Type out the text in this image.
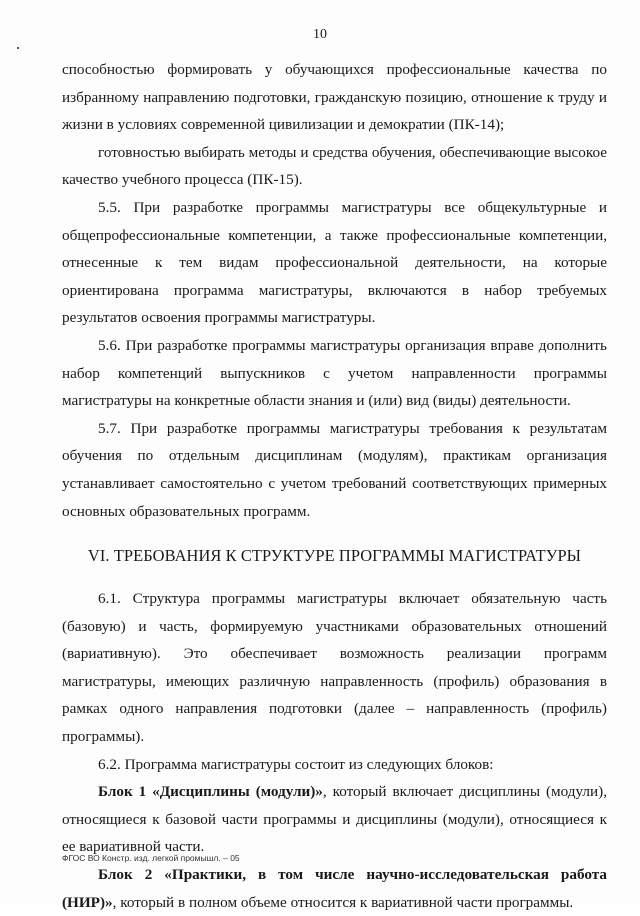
10

способностью формировать у обучающихся профессиональные качества по избранному направлению подготовки, гражданскую позицию, отношение к труду и жизни в условиях современной цивилизации и демократии (ПК-14);

готовностью выбирать методы и средства обучения, обеспечивающие высокое качество учебного процесса (ПК-15).

5.5. При разработке программы магистратуры все общекультурные и общепрофессиональные компетенции, а также профессиональные компетенции, отнесенные к тем видам профессиональной деятельности, на которые ориентирована программа магистратуры, включаются в набор требуемых результатов освоения программы магистратуры.

5.6. При разработке программы магистратуры организация вправе дополнить набор компетенций выпускников с учетом направленности программы магистратуры на конкретные области знания и (или) вид (виды) деятельности.

5.7. При разработке программы магистратуры требования к результатам обучения по отдельным дисциплинам (модулям), практикам организация устанавливает самостоятельно с учетом требований соответствующих примерных основных образовательных программ.

VI. ТРЕБОВАНИЯ К СТРУКТУРЕ ПРОГРАММЫ МАГИСТРАТУРЫ

6.1. Структура программы магистратуры включает обязательную часть (базовую) и часть, формируемую участниками образовательных отношений (вариативную). Это обеспечивает возможность реализации программ магистратуры, имеющих различную направленность (профиль) образования в рамках одного направления подготовки (далее – направленность (профиль) программы).

6.2. Программа магистратуры состоит из следующих блоков:

Блок 1 «Дисциплины (модули)», который включает дисциплины (модули), относящиеся к базовой части программы и дисциплины (модули), относящиеся к ее вариативной части.

Блок 2 «Практики, в том числе научно-исследовательская работа (НИР)», который в полном объеме относится к вариативной части программы.

ФГОС ВО Констр. изд. легкой промышл. – 05
